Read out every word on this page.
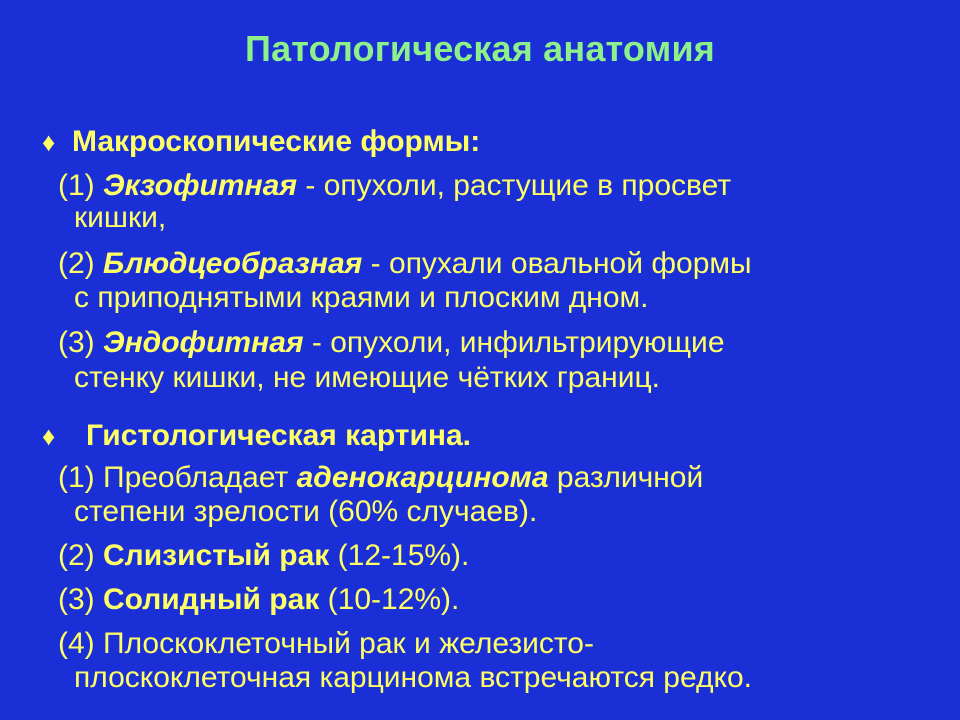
Патологическая анатомия
♦ Макроскопические формы:
(1) Экзофитная - опухоли, растущие в просвет
кишки,
(2) Блюдцеобразная - опухали овальной формы
с приподнятыми краями и плоским дном.
(3) Эндофитная - опухоли, инфильтрирующие
стенку кишки, не имеющие чётких границ.
♦ Гистологическая картина.
(1) Преобладает аденокарцинома различной
степени зрелости (60% случаев).
(2) Слизистый рак (12-15%).
(3) Солидный рак (10-12%).
(4) Плоскоклеточный рак и железисто-
плоскоклеточная карцинома встречаются редко.
